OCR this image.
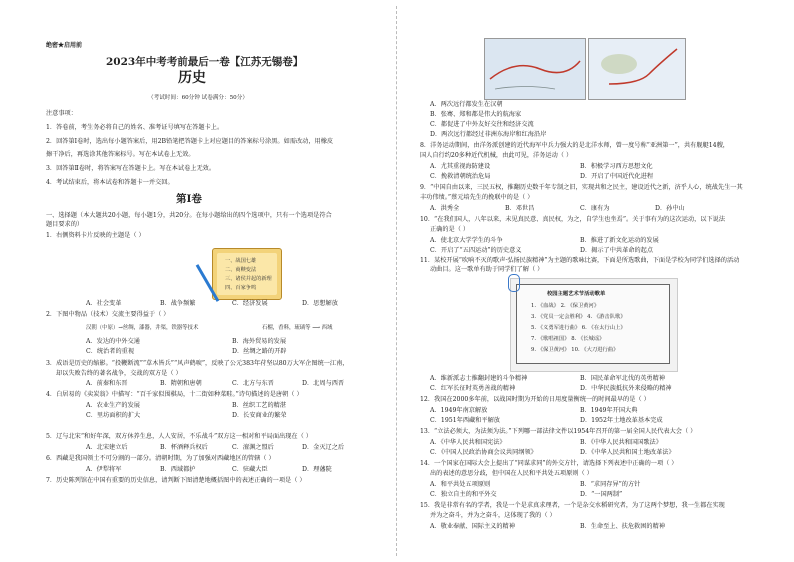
绝密★启用前
2023年中考考前最后一卷【江苏无锡卷】
历史
（考试时间：60分钟 试卷满分：50分）
注意事项：
1．答卷前，考生务必将自己的姓名、准考证号填写在答题卡上。
2．回答第Ⅰ卷时，选出每小题答案后，用2B铅笔把答题卡上对应题目的答案标号涂黑。如需改动，用橡皮
擦干净后，再选涂其他答案标号。写在本试卷上无效。
3．回答第Ⅱ卷时，将答案写在答题卡上。写在本试卷上无效。
4．考试结束后，将本试卷和答题卡一并交回。
第Ⅰ卷
一、选择题（本大题共20小题，每小题1分，共20分。在每小题给出的四个选项中，只有一个选项是符合
题目要求的）
1．右侧资料卡片反映的主题是（ ）
一、战国七雄
二、商鞅变法
三、诸侯并起的新理
四、百家争鸣
A．社会变革	B．战争频繁	C．经济发展	D．思想解放
2．下图中物品（技术）交流主要得益于（ ）
汉朝（中原）→丝绸，漆器，井渠，铁器等技术	石榴，香料，琉璃等 ⟶ 西域
A．发达的中外交通	B．海外贸易的发展
C．统治者的重视	D．丝绸之路的开辟
3．成语是历史的缩影。“投鞭断流”“草木皆兵”“风声鹤唳”，反映了公元383年苻坚以80万大军企图统一江南，
却以失败告终的著名战争，交战的双方是（ ）
A．前秦和东晋	B．隋朝和唐朝	C．北方与东晋	D．北周与西晋
4．白居易的《卖炭翁》中描写：“百千家似围棋局，十二街如种菜畦。”诗句描述的是唐朝（ ）
A．农业生产的发展	B．丝织工艺的精湛
C．里坊面积的扩大	D．长安商业的繁荣
5．辽与北宋“和好年深，双方休养生息，人人安居，不乐战斗”双方这一相对和平局面出现在（ ）
A．北宋建立后	B．杯酒释兵权后	C．澶渊之盟后	D．金灭辽之后
6．西藏是我国领土不可分割的一部分。清朝时期，为了加强对西藏地区的管辖（ ）
A．伊犁将军	B．西域都护	C．驻藏大臣	D．理藩院
7．历史陈列馆在中国有重要的历史信息，请判断下图清楚地概括图中的表述正确的一项是（ ）
A．两次远行都发生在汉朝
B．张骞、郑和都是伟大的航海家
C．都促进了中外友好交往和经济交流
D．两次远行都经过非洲东海岸和红海沿岸
8．洋务运动期间，由洋务派创建的近代海军中兵力强大的是北洋水师，曾一度号称“亚洲第一”，共有舰艇14艘，
国人自行约20多种近代机械，由此可见，洋务运动（ ）
A．尤其重视海防建设	B．积极学习西方思想文化
C．挽救清朝统治危局	D．开启了中国近代化进程
9．“中国自由以来，三民五权，推翻历史数千年专制之旧，实现共和之民主，建设近代之新，济乎人心，统战先生一其
丰功伟绩。”蔡元培先生的挽联中的是（ ）
A．洪秀全	B．邓世昌	C．康有为	D．孙中山
10．“在我们国人，八年以来，未见真民意、真民权，为之，自学生也坐焉”。关于事有为的这次运动，以下说法
正确的是（ ）
A．使北京大学学生的斗争	B．推进了新文化运动的发展
C．开启了“五四运动”的历史意义	D．揭示了中共革命的起点
11．某校开展“吹响不灭的歌声·弘扬民族精神”为主题的歌咏比赛，下面是所选歌曲，下面是学校为同学们选择的活动
动曲目。这一歌单有助于同学们了解（ ）
校园主题艺术节活动歌单
1. 《血战》 2. 《保卫黄河》
3. 《党员一定会胜利》 4. 《游击队歌》
5. 《义勇军进行曲》 6. 《在太行山上》
7. 《歌唱祖国》 8. 《长城谣》
9. 《保卫黄河》 10. 《大刀进行曲》
A．维新派志士推翻封建的斗争精神	B．国民革命军北伐的英勇精神
C．红军长征时英勇善战的精神	D．中华民族抵抗外来侵略的精神
12．我国在2000多年前，以战国时期为开始的日用度量衡统一的时间最早的是（ ）
A．1949年南京解放	B．1949年开国大典
C．1951年西藏和平解放	D．1952年土地改革基本完成
13．“立法必须大，为法须为法。”下列哪一部法律文件以1954年召开的第一届全国人民代表大会（ ）
A．《中华人民共和国宪法》	B．《中华人民共和国国歌法》
C．《中国人民政治协商会议共同纲领》	D．《中华人民共和国土地改革法》
14．一个国家在国际大会上提出了“同谋求同”的外交方针，请选择下列表述中正确的一项（ ）
出的表述的意思分歧，但中国在人民和平共处五项原则（ ）
A．和平共处五项原则	B．“求同存异”的方针
C．独立自主的和平外交	D．“一国两制”
15．我是非常有名的学者，我是一个是求真求理者，一个是杂交水稻研究者，为了这两个梦想，我一生都在实现
并为之奋斗，并为之奋斗，这体现了我的（ ）
A．敬业奉献、国际主义的精神	B．生命至上、扶危救困的精神
